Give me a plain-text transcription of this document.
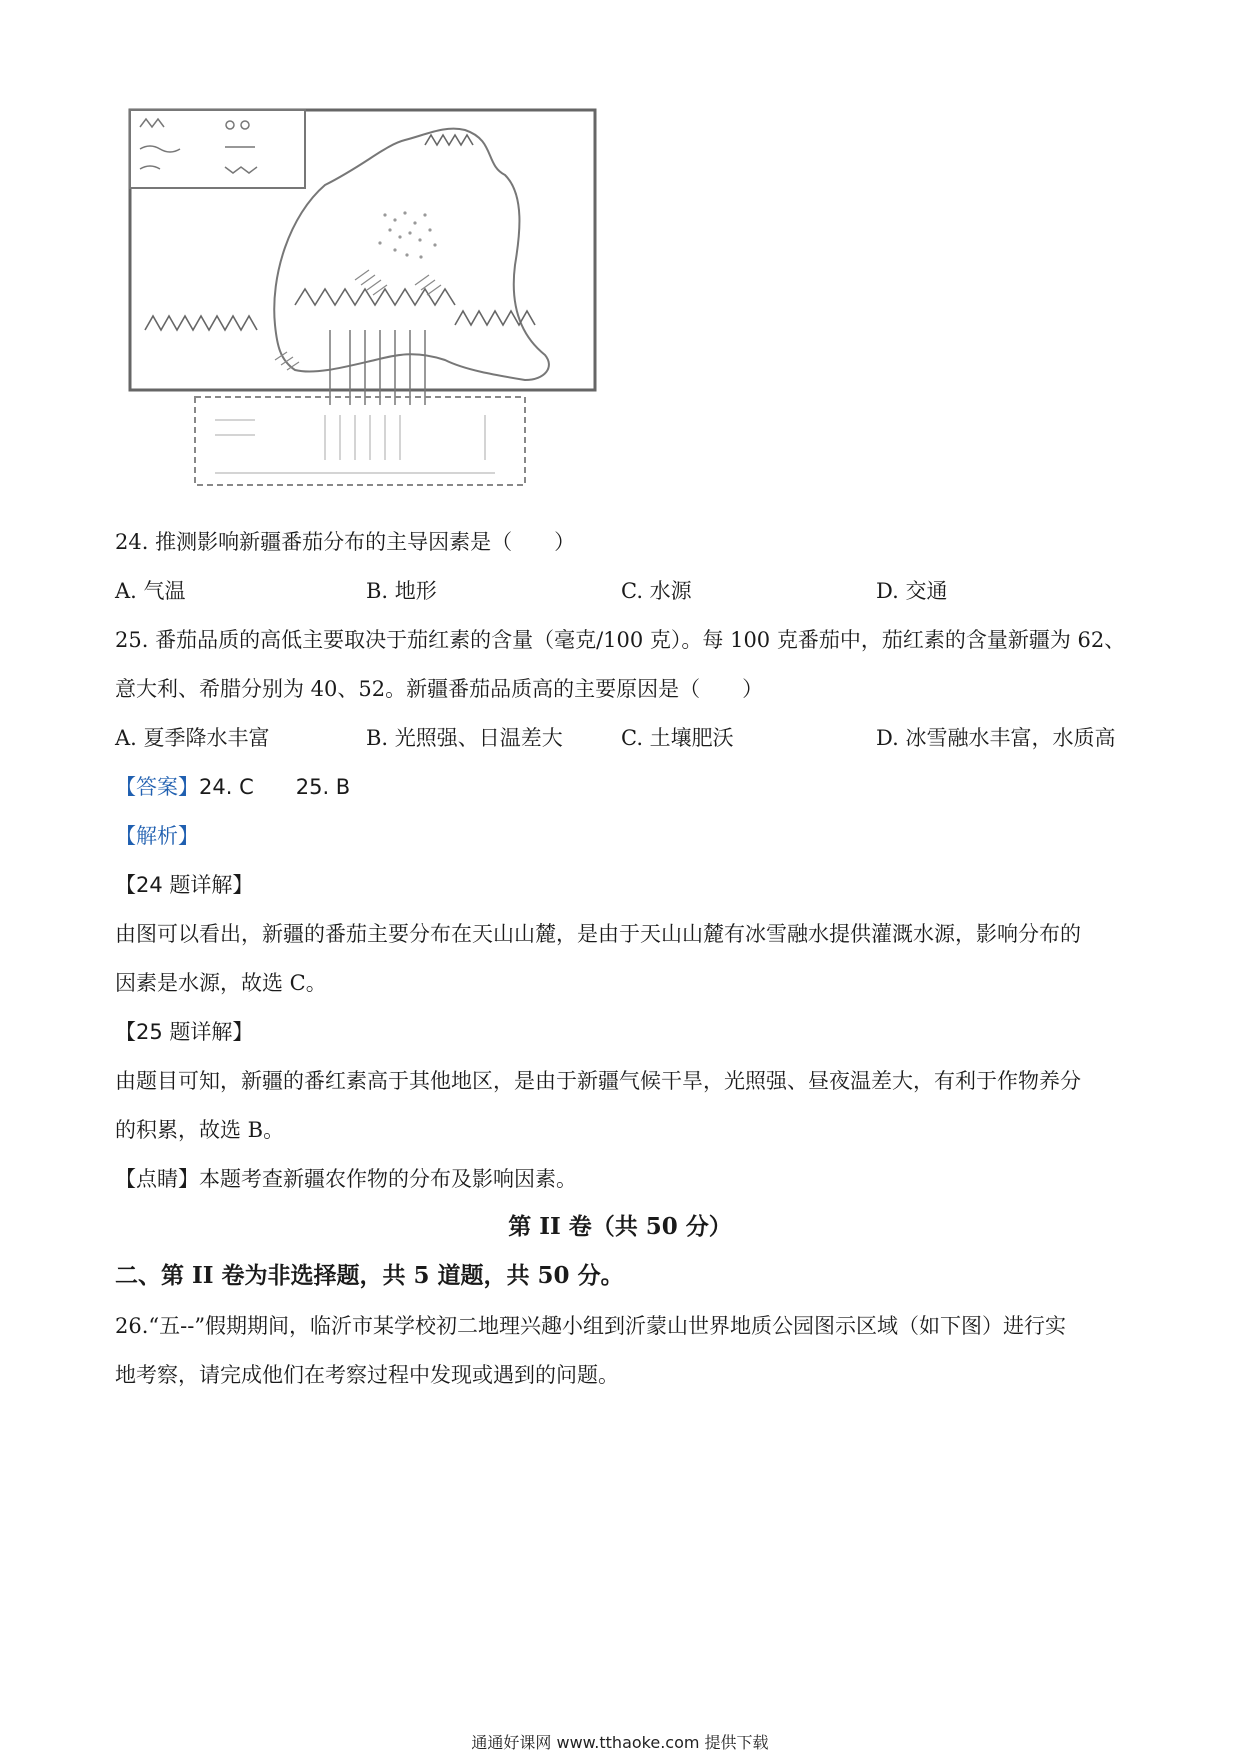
24. 推测影响新疆番茄分布的主导因素是（　　）
A. 气温	B. 地形	C. 水源	D. 交通
25. 番茄品质的高低主要取决于茄红素的含量（毫克/100 克）。每 100 克番茄中，茄红素的含量新疆为 62、
意大利、希腊分别为 40、52。新疆番茄品质高的主要原因是（　　）
A. 夏季降水丰富	B. 光照强、日温差大	C. 土壤肥沃	D. 冰雪融水丰富，水质高
【答案】24. C　　25. B
【解析】
【24 题详解】
由图可以看出，新疆的番茄主要分布在天山山麓，是由于天山山麓有冰雪融水提供灌溉水源，影响分布的
因素是水源，故选 C。
【25 题详解】
由题目可知，新疆的番红素高于其他地区，是由于新疆气候干旱，光照强、昼夜温差大，有利于作物养分
的积累，故选 B。
【点睛】本题考查新疆农作物的分布及影响因素。
第 II 卷（共 50 分）
二、第 II 卷为非选择题，共 5 道题，共 50 分。
26.“五--”假期期间，临沂市某学校初二地理兴趣小组到沂蒙山世界地质公园图示区域（如下图）进行实
地考察，请完成他们在考察过程中发现或遇到的问题。
通通好课网 www.tthaoke.com 提供下载
